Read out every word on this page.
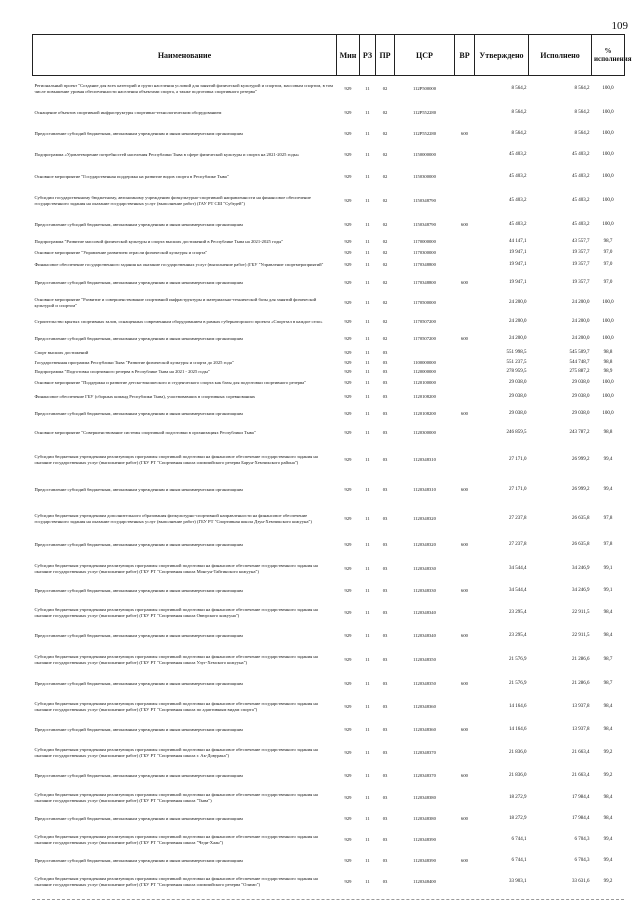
109
Наименование	Мин	РЗ	ПР	ЦСР	ВР	Утверждено	Исполнено	% исполнения
Региональный проект "Создание для всех категорий и групп населения условий для занятий физической культурой и спортом, массовым спортом, в том числе повышение уровня обеспеченности населения объектами спорта, а также подготовка спортивного резерва"	929	11	02	112P500000		8 564,2	8 564,2	100,0
Оснащение объектов спортивной инфраструктуры спортивно-технологическим оборудованием	929	11	02	112P552280		8 564,2	8 564,2	100,0
Предоставление субсидий бюджетным, автономным учреждениям и иным некоммерческим организациям	929	11	02	112P552280	600	8 564,2	8 564,2	100,0
Подпрограмма «Удовлетворение потребностей населения Республики Тыва в сфере физической культуры и спорта на 2021-2025 годы»	929	11	02	1150000000		45 403,2	45 403,2	100,0
Основное мероприятие "Государственная поддержка на развитие видов спорта в Республике Тыва"	929	11	02	1150300000		45 403,2	45 403,2	100,0
Субсидии государственному бюджетному, автономному учреждению физкультурно-спортивной направленности на финансовое обеспечение государственного задания на оказание государственных услуг (выполнение работ) (ГАУ РТ СШ "Субедей")	929	11	02	1150348790		45 403,2	45 403,2	100,0
Предоставление субсидий бюджетным, автономным учреждениям и иным некоммерческим организациям	929	11	02	1150348790	600	45 403,2	45 403,2	100,0
Подпрограмма "Развитие массовой физической культуры и спорта высших достижений в Республике Тыва на 2021-2025 годы"	929	11	02	1170000000		44 147,1	43 557,7	98,7
Основное мероприятие "Управление развитием отрасли физической культуры и спорта"	929	11	02	1170300000		19 947,1	19 357,7	97,0
Финансовое обеспечение государственного задания на оказание государственных услуг (выполнение работ) (ГБУ "Управление спортмероприятий"	929	11	02	1170348800		19 947,1	19 357,7	97,0
Предоставление субсидий бюджетным, автономным учреждениям и иным некоммерческим организациям	929	11	02	1170348800	600	19 947,1	19 357,7	97,0
Основное мероприятие "Развитие и совершенствование спортивной инфраструктуры и материально-технической базы для занятий физической культурой и спортом"	929	11	02	1170500000		24 200,0	24 200,0	100,0
Строительство крытых спортивных залов, оснащенных современным оборудованием в рамках губернаторского проекта «Спортзал в каждое село»	929	11	02	1170507200		24 200,0	24 200,0	100,0
Предоставление субсидий бюджетным, автономным учреждениям и иным некоммерческим организациям	929	11	02	1170507200	600	24 200,0	24 200,0	100,0
Спорт высших достижений	929	11	03			551 998,5	545 509,7	98,8
Государственная программа Республики Тыва "Развитие физической культуры и спорта до 2025 года"	929	11	03	1100000000		551 237,5	544 748,7	98,8
Подпрограмма "Подготовка спортивного резерва в Республике Тыва на 2021 - 2025 годы"	929	11	03	1120000000		278 959,5	275 887,2	98,9
Основное мероприятие "Поддержка и развитие детско-юношеского и студенческого спорта как базы для подготовки спортивного резерва"	929	11	03	1120100000		29 038,0	29 038,0	100,0
Финансовое обеспечение ГБУ (сборных команд Республики Тыва), участвовавших в спортивных соревнованиях	929	11	03	1120108200		29 038,0	29 038,0	100,0
Предоставление субсидий бюджетным, автономным учреждениям и иным некоммерческим организациям	929	11	03	1120108200	600	29 038,0	29 038,0	100,0
Основное мероприятие "Совершенствование системы спортивной подготовки в организациях Республики Тыва"	929	11	03	1120300000		246 859,5	243 787,2	98,8
Субсидии бюджетным учреждениям реализующих программы спортивной подготовки на финансовое обеспечение государственного задания на оказание государственных услуг (выполнение работ) (ГБУ РТ "Спортивная школа олимпийского резерва Барун-Хемчикского района")	929	11	03	1120348310		27 171,0	26 999,2	99,4
Предоставление субсидий бюджетным, автономным учреждениям и иным некоммерческим организациям	929	11	03	1120348310	600	27 171,0	26 999,2	99,4
Субсидии бюджетным учреждениям дополнительного образования физкультурно-спортивной направленности на финансовое обеспечение государственного задания на оказание государственных услуг (выполнение работ) (ГБУ РТ "Спортивная школа Дзун-Хемчикского кожууна")	929	11	03	1120348320		27 237,8	26 635,8	97,8
Предоставление субсидий бюджетным, автономным учреждениям и иным некоммерческим организациям	929	11	03	1120348320	600	27 237,8	26 635,8	97,8
Субсидии бюджетным учреждениям реализующих программы спортивной подготовки на финансовое обеспечение государственного задания на оказание государственных услуг (выполнение работ) (ГБУ РТ "Спортивная школа Монгун-Тайгинского кожууна")	929	11	03	1120348330		34 544,4	34 246,9	99,1
Предоставление субсидий бюджетным, автономным учреждениям и иным некоммерческим организациям	929	11	03	1120348330	600	34 544,4	34 246,9	99,1
Субсидии бюджетным учреждениям реализующих программы спортивной подготовки на финансовое обеспечение государственного задания на оказание государственных услуг (выполнение работ) (ГБУ РТ "Спортивная школа Овюрского кожууна")	929	11	03	1120348340		23 295,4	22 911,5	98,4
Предоставление субсидий бюджетным, автономным учреждениям и иным некоммерческим организациям	929	11	03	1120348340	600	23 295,4	22 911,5	98,4
Субсидии бюджетным учреждениям реализующих программы спортивной подготовки на финансовое обеспечение государственного задания на оказание государственных услуг (выполнение работ) (ГБУ РТ "Спортивная школа Улуг-Хемского кожууна")	929	11	03	1120348350		21 576,9	21 286,6	98,7
Предоставление субсидий бюджетным, автономным учреждениям и иным некоммерческим организациям	929	11	03	1120348350	600	21 576,9	21 286,6	98,7
Субсидии бюджетным учреждениям реализующих программы спортивной подготовки на финансовое обеспечение государственного задания на оказание государственных услуг (выполнение работ) (ГБУ РТ "Спортивная школа по адаптивным видам спорта")	929	11	03	1120348360		14 164,6	13 937,8	98,4
Предоставление субсидий бюджетным, автономным учреждениям и иным некоммерческим организациям	929	11	03	1120348360	600	14 164,6	13 937,8	98,4
Субсидии бюджетным учреждениям реализующих программы спортивной подготовки на финансовое обеспечение государственного задания на оказание государственных услуг (выполнение работ) (ГБУ РТ "Спортивная школа г. Ак-Довурака")	929	11	03	1120348370		21 836,0	21 663,4	99,2
Предоставление субсидий бюджетным, автономным учреждениям и иным некоммерческим организациям	929	11	03	1120348370	600	21 836,0	21 663,4	99,2
Субсидии бюджетным учреждениям реализующих программы спортивной подготовки на финансовое обеспечение государственного задания на оказание государственных услуг (выполнение работ) (ГБУ РТ "Спортивная школа "Тыва")	929	11	03	1120348380		18 272,9	17 984,4	98,4
Предоставление субсидий бюджетным, автономным учреждениям и иным некоммерческим организациям	929	11	03	1120348380	600	18 272,9	17 984,4	98,4
Субсидии бюджетным учреждениям реализующих программы спортивной подготовки на финансовое обеспечение государственного задания на оказание государственных услуг (выполнение работ) (ГБУ РТ "Спортивная школа "Чеди-Хаан")	929	11	03	1120348390		6 744,1	6 704,3	99,4
Предоставление субсидий бюджетным, автономным учреждениям и иным некоммерческим организациям	929	11	03	1120348390	600	6 744,1	6 704,3	99,4
Субсидии бюджетным учреждениям реализующих программы спортивной подготовки на финансовое обеспечение государственного задания на оказание государственных услуг (выполнение работ) (ГБУ РТ "Спортивная школа олимпийского резерва "Олимп")	929	11	03	1120348400		33 903,1	33 631,6	99,2
